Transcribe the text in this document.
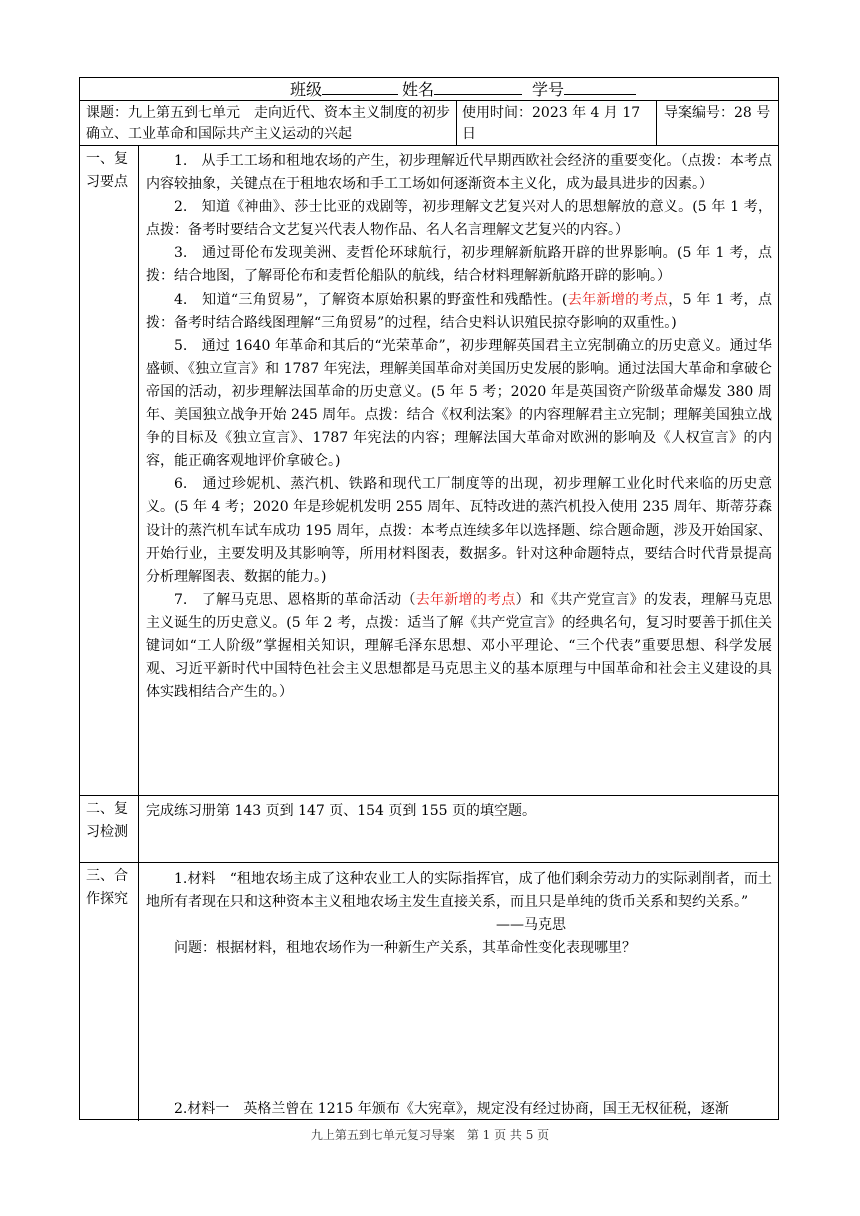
班级	姓名	学号
课题：九上第五到七单元　走向近代、资本主义制度的初步确立、工业革命和国际共产主义运动的兴起
使用时间：2023 年 4 月 17 日
导案编号：28 号
一、复习要点

1.　从手工工场和租地农场的产生，初步理解近代早期西欧社会经济的重要变化。（点拨：本考点内容较抽象，关键点在于租地农场和手工工场如何逐渐资本主义化，成为最具进步的因素。）

2.　知道《神曲》、莎士比亚的戏剧等，初步理解文艺复兴对人的思想解放的意义。(5 年 1 考，点拨：备考时要结合文艺复兴代表人物作品、名人名言理解文艺复兴的内容。）

3.　通过哥伦布发现美洲、麦哲伦环球航行，初步理解新航路开辟的世界影响。(5 年 1 考，点拨：结合地图，了解哥伦布和麦哲伦船队的航线，结合材料理解新航路开辟的影响。）

4.　知道“三角贸易”，了解资本原始积累的野蛮性和残酷性。(去年新增的考点，5 年 1 考，点拨：备考时结合路线图理解“三角贸易”的过程，结合史料认识殖民掠夺影响的双重性。)

5.　通过 1640 年革命和其后的“光荣革命”，初步理解英国君主立宪制确立的历史意义。通过华盛顿、《独立宣言》和 1787 年宪法，理解美国革命对美国历史发展的影响。通过法国大革命和拿破仑帝国的活动，初步理解法国革命的历史意义。(5 年 5 考；2020 年是英国资产阶级革命爆发 380 周年、美国独立战争开始 245 周年。点拨：结合《权利法案》的内容理解君主立宪制；理解美国独立战争的目标及《独立宣言》、1787 年宪法的内容；理解法国大革命对欧洲的影响及《人权宣言》的内容，能正确客观地评价拿破仑。)

6.　通过珍妮机、蒸汽机、铁路和现代工厂制度等的出现，初步理解工业化时代来临的历史意义。(5 年 4 考；2020 年是珍妮机发明 255 周年、瓦特改进的蒸汽机投入使用 235 周年、斯蒂芬森设计的蒸汽机车试车成功 195 周年，点拨：本考点连续多年以选择题、综合题命题，涉及开始国家、开始行业，主要发明及其影响等，所用材料图表，数据多。针对这种命题特点，要结合时代背景提高分析理解图表、数据的能力。)

7.　了解马克思、恩格斯的革命活动（去年新增的考点）和《共产党宣言》的发表，理解马克思主义诞生的历史意义。(5 年 2 考，点拨：适当了解《共产党宣言》的经典名句，复习时要善于抓住关键词如“工人阶级”掌握相关知识，理解毛泽东思想、邓小平理论、“三个代表”重要思想、科学发展观、习近平新时代中国特色社会主义思想都是马克思主义的基本原理与中国革命和社会主义建设的具体实践相结合产生的。）

二、复习检测
完成练习册第 143 页到 147 页、154 页到 155 页的填空题。
三、合作探究

1.材料　“租地农场主成了这种农业工人的实际指挥官，成了他们剩余劳动力的实际剥削者，而土地所有者现在只和这种资本主义租地农场主发生直接关系，而且只是单纯的货币关系和契约关系。”

——马克思

问题：根据材料，租地农场作为一种新生产关系，其革命性变化表现哪里？

2.材料一　英格兰曾在 1215 年颁布《大宪章》，规定没有经过协商，国王无权征税，逐渐

九上第五到七单元复习导案　第 1 页 共 5 页
